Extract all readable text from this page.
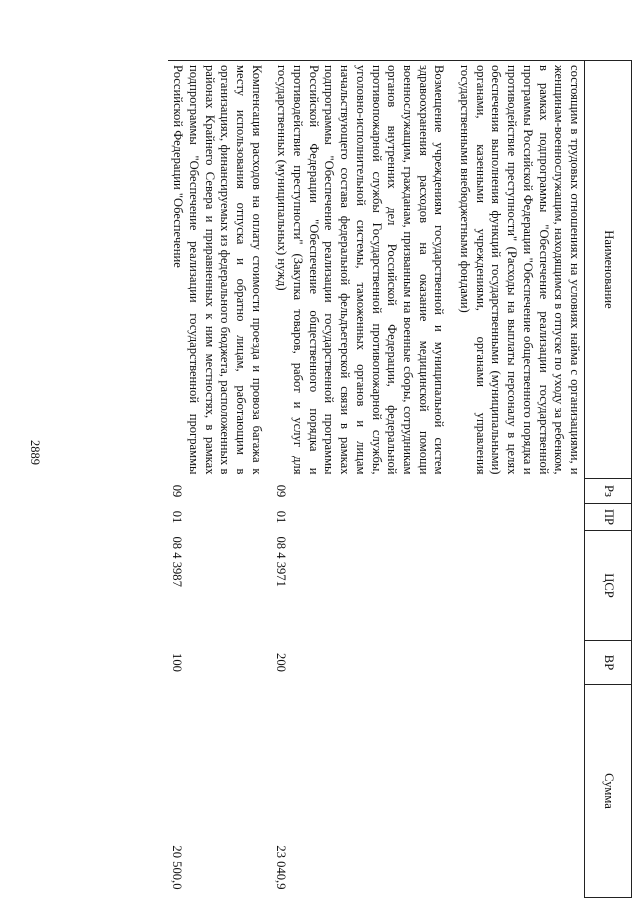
2889
Наименование	Рз	ПР	ЦСР	ВР	Сумма
состоящим в трудовых отношениях на условиях найма с организациями, и женщинам-военнослужащим, находящимся в отпуске по уходу за ребенком, в рамках подпрограммы "Обеспечение реализации государственной программы Российской Федерации "Обеспечение общественного порядка и противодействие преступности" (Расходы на выплаты персоналу в целях обеспечения выполнения функций государственными (муниципальными) органами, казенными учреждениями, органами управления государственными внебюджетными фондами)					
Возмещение учреждениям государственной и муниципальной систем здравоохранения расходов на оказание медицинской помощи военнослужащим, гражданам, призванным на военные сборы, сотрудникам органов внутренних дел Российской Федерации, федеральной противопожарной службы Государственной противопожарной службы, уголовно-исполнительной системы, таможенных органов и лицам начальствующего состава федеральной фельдъегерской связи в рамках подпрограммы "Обеспечение реализации государственной программы Российской Федерации "Обеспечение общественного порядка и противодействие преступности" (Закупка товаров, работ и услуг для государственных (муниципальных) нужд)	09	01	08 4 3971	200	23 040,9
Компенсация расходов на оплату стоимости проезда и провоза багажа к месту использования отпуска и обратно лицам, работающим в организациях, финансируемых из федерального бюджета, расположенных в районах Крайнего Севера и приравненных к ним местностях, в рамках подпрограммы "Обеспечение реализации государственной программы Российской Федерации "Обеспечение	09	01	08 4 3987	100	20 500,0
